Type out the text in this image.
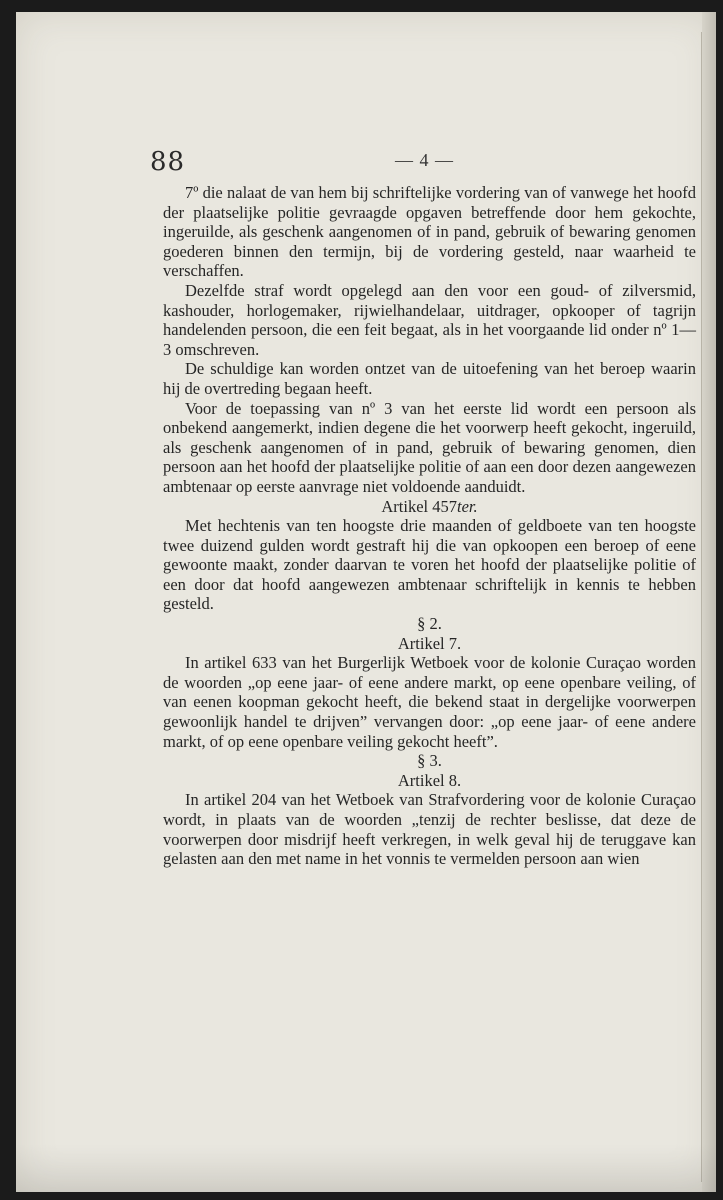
88	— 4 —

7º die nalaat de van hem bij schriftelijke vordering van of vanwege het hoofd der plaatselijke politie gevraagde opgaven betreffende door hem gekochte, ingeruilde, als geschenk aangenomen of in pand, gebruik of bewaring genomen goederen binnen den termijn, bij de vordering gesteld, naar waarheid te verschaffen.

Dezelfde straf wordt opgelegd aan den voor een goud- of zilversmid, kashouder, horlogemaker, rijwielhandelaar, uitdrager, opkooper of tagrijn handelenden persoon, die een feit begaat, als in het voorgaande lid onder nº 1—3 omschreven.

De schuldige kan worden ontzet van de uitoefening van het beroep waarin hij de overtreding begaan heeft.

Voor de toepassing van nº 3 van het eerste lid wordt een persoon als onbekend aangemerkt, indien degene die het voorwerp heeft gekocht, ingeruild, als geschenk aangenomen of in pand, gebruik of bewaring genomen, dien persoon aan het hoofd der plaatselijke politie of aan een door dezen aangewezen ambtenaar op eerste aanvrage niet voldoende aanduidt.

Artikel 457ter.

Met hechtenis van ten hoogste drie maanden of geldboete van ten hoogste twee duizend gulden wordt gestraft hij die van opkoopen een beroep of eene gewoonte maakt, zonder daarvan te voren het hoofd der plaatselijke politie of een door dat hoofd aangewezen ambtenaar schriftelijk in kennis te hebben gesteld.

§ 2.

Artikel 7.

In artikel 633 van het Burgerlijk Wetboek voor de kolonie Curaçao worden de woorden „op eene jaar- of eene andere markt, op eene openbare veiling, of van eenen koopman gekocht heeft, die bekend staat in dergelijke voorwerpen gewoonlijk handel te drijven” vervangen door: „op eene jaar- of eene andere markt, of op eene openbare veiling gekocht heeft”.

§ 3.

Artikel 8.

In artikel 204 van het Wetboek van Strafvordering voor de kolonie Curaçao wordt, in plaats van de woorden „tenzij de rechter beslisse, dat deze de voorwerpen door misdrijf heeft verkregen, in welk geval hij de teruggave kan gelasten aan den met name in het vonnis te vermelden persoon aan wien
